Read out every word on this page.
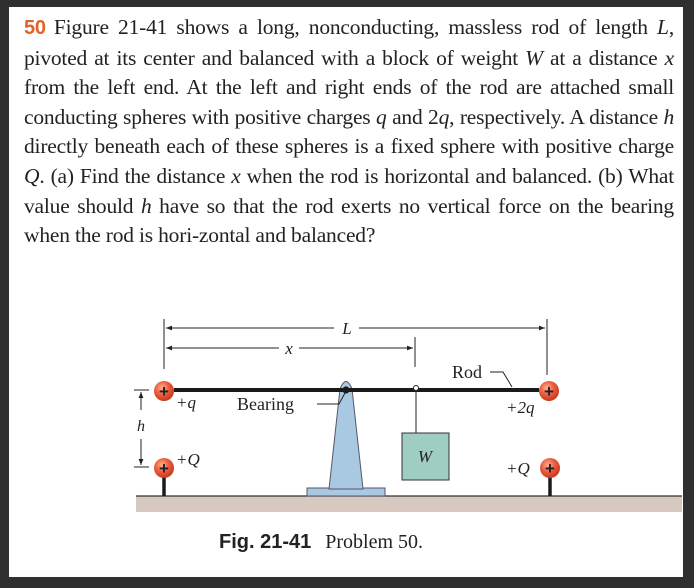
50 Figure 21-41 shows a long, nonconducting, massless rod of length L, pivoted at its center and balanced with a block of weight W at a distance x from the left end. At the left and right ends of the rod are attached small conducting spheres with positive charges q and 2q, respectively. A distance h directly beneath each of these spheres is a fixed sphere with positive charge Q. (a) Find the distance x when the rod is horizontal and balanced. (b) What value should h have so that the rod exerts no vertical force on the bearing when the rod is hori-zontal and balanced?
L
x
h
Bearing
W
Rod
+
+q
+
+2q
+ +Q	+
+Q
Fig. 21-41 Problem 50.
